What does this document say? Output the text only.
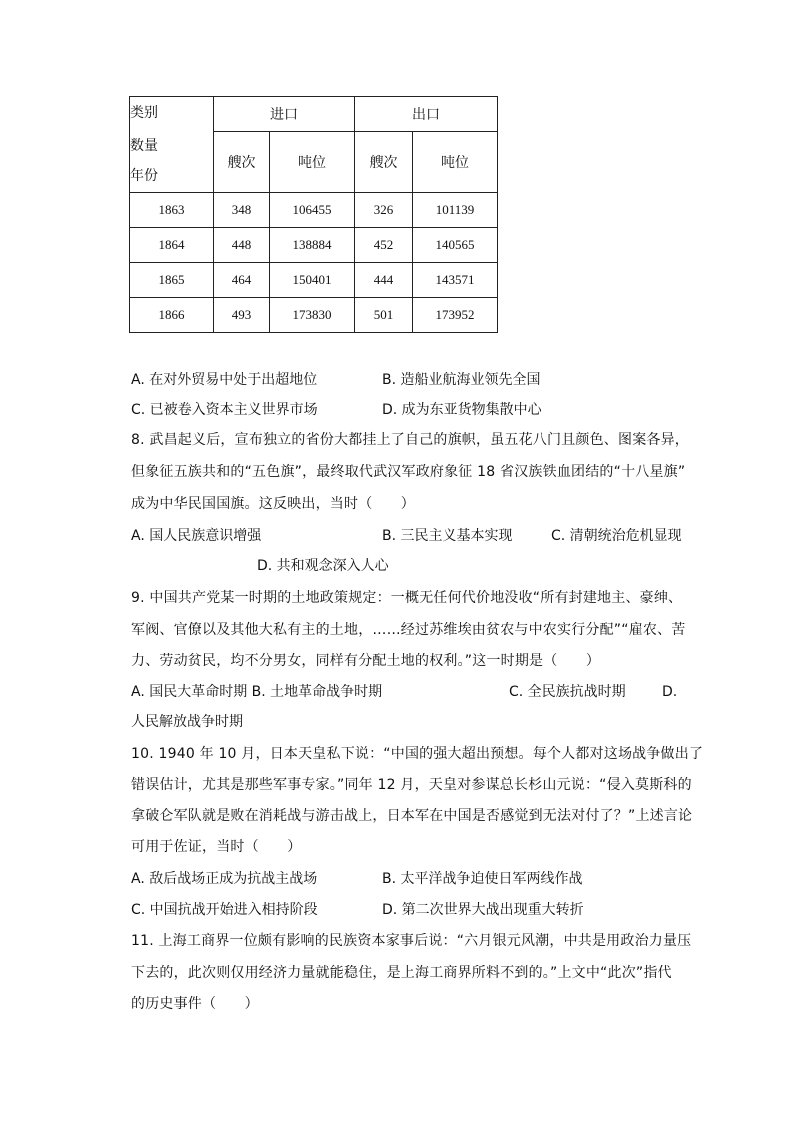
类别
数量
年份	进口		出口	
	艘次	吨位	艘次	吨位
1863	348	106455	326	101139
1864	448	138884	452	140565
1865	464	150401	444	143571
1866	493	173830	501	173952
A. 在对外贸易中处于出超地位	B. 造船业航海业领先全国
C. 已被卷入资本主义世界市场	D. 成为东亚货物集散中心
8. 武昌起义后，宣布独立的省份大都挂上了自己的旗帜，虽五花八门且颜色、图案各异，
但象征五族共和的“五色旗”，最终取代武汉军政府象征 18 省汉族铁血团结的“十八星旗”
成为中华民国国旗。这反映出，当时（　　）
A. 国人民族意识增强	B. 三民主义基本实现	C. 清朝统治危机显现
D. 共和观念深入人心
9. 中国共产党某一时期的土地政策规定：一概无任何代价地没收“所有封建地主、豪绅、
军阀、官僚以及其他大私有主的土地，……经过苏维埃由贫农与中农实行分配”“雇农、苦
力、劳动贫民，均不分男女，同样有分配土地的权利。”这一时期是（　　）
A. 国民大革命时期 B. 土地革命战争时期	C. 全民族抗战时期	D.
人民解放战争时期
10. 1940 年 10 月，日本天皇私下说：“中国的强大超出预想。每个人都对这场战争做出了
错误估计，尤其是那些军事专家。”同年 12 月，天皇对参谋总长杉山元说：“侵入莫斯科的
拿破仑军队就是败在消耗战与游击战上，日本军在中国是否感觉到无法对付了？”上述言论
可用于佐证，当时（　　）
A. 敌后战场正成为抗战主战场	B. 太平洋战争迫使日军两线作战
C. 中国抗战开始进入相持阶段	D. 第二次世界大战出现重大转折
11. 上海工商界一位颇有影响的民族资本家事后说：“六月银元风潮，中共是用政治力量压
下去的，此次则仅用经济力量就能稳住，是上海工商界所料不到的。”上文中“此次”指代
的历史事件（　　）
